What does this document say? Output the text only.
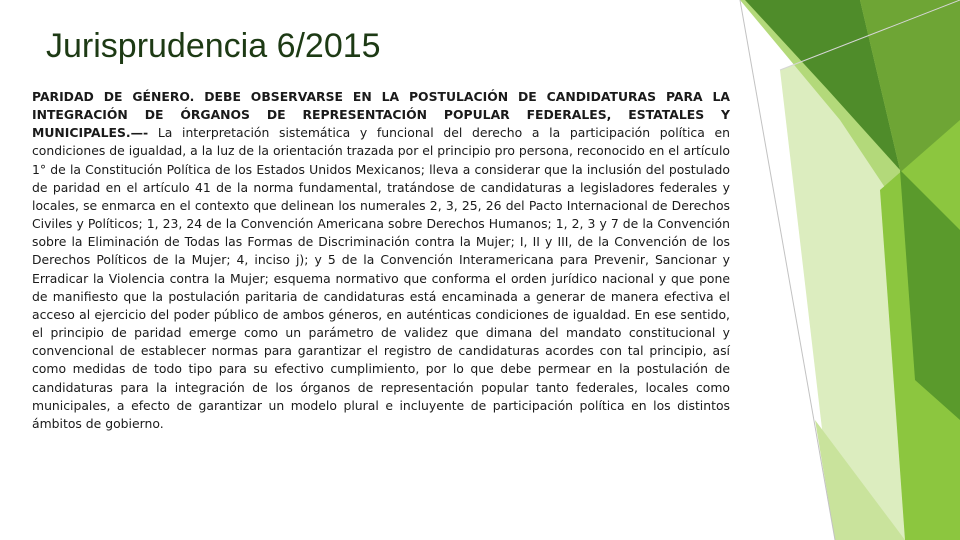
Jurisprudencia 6/2015

PARIDAD DE GÉNERO. DEBE OBSERVARSE EN LA POSTULACIÓN DE CANDIDATURAS PARA LA INTEGRACIÓN DE ÓRGANOS DE REPRESENTACIÓN POPULAR FEDERALES, ESTATALES Y MUNICIPALES.—- La interpretación sistemática y funcional del derecho a la participación política en condiciones de igualdad, a la luz de la orientación trazada por el principio pro persona, reconocido en el artículo 1° de la Constitución Política de los Estados Unidos Mexicanos; lleva a considerar que la inclusión del postulado de paridad en el artículo 41 de la norma fundamental, tratándose de candidaturas a legisladores federales y locales, se enmarca en el contexto que delinean los numerales 2, 3, 25, 26 del Pacto Internacional de Derechos Civiles y Políticos; 1, 23, 24 de la Convención Americana sobre Derechos Humanos; 1, 2, 3 y 7 de la Convención sobre la Eliminación de Todas las Formas de Discriminación contra la Mujer; I, II y III, de la Convención de los Derechos Políticos de la Mujer; 4, inciso j); y 5 de la Convención Interamericana para Prevenir, Sancionar y Erradicar la Violencia contra la Mujer; esquema normativo que conforma el orden jurídico nacional y que pone de manifiesto que la postulación paritaria de candidaturas está encaminada a generar de manera efectiva el acceso al ejercicio del poder público de ambos géneros, en auténticas condiciones de igualdad. En ese sentido, el principio de paridad emerge como un parámetro de validez que dimana del mandato constitucional y convencional de establecer normas para garantizar el registro de candidaturas acordes con tal principio, así como medidas de todo tipo para su efectivo cumplimiento, por lo que debe permear en la postulación de candidaturas para la integración de los órganos de representación popular tanto federales, locales como municipales, a efecto de garantizar un modelo plural e incluyente de participación política en los distintos ámbitos de gobierno.
